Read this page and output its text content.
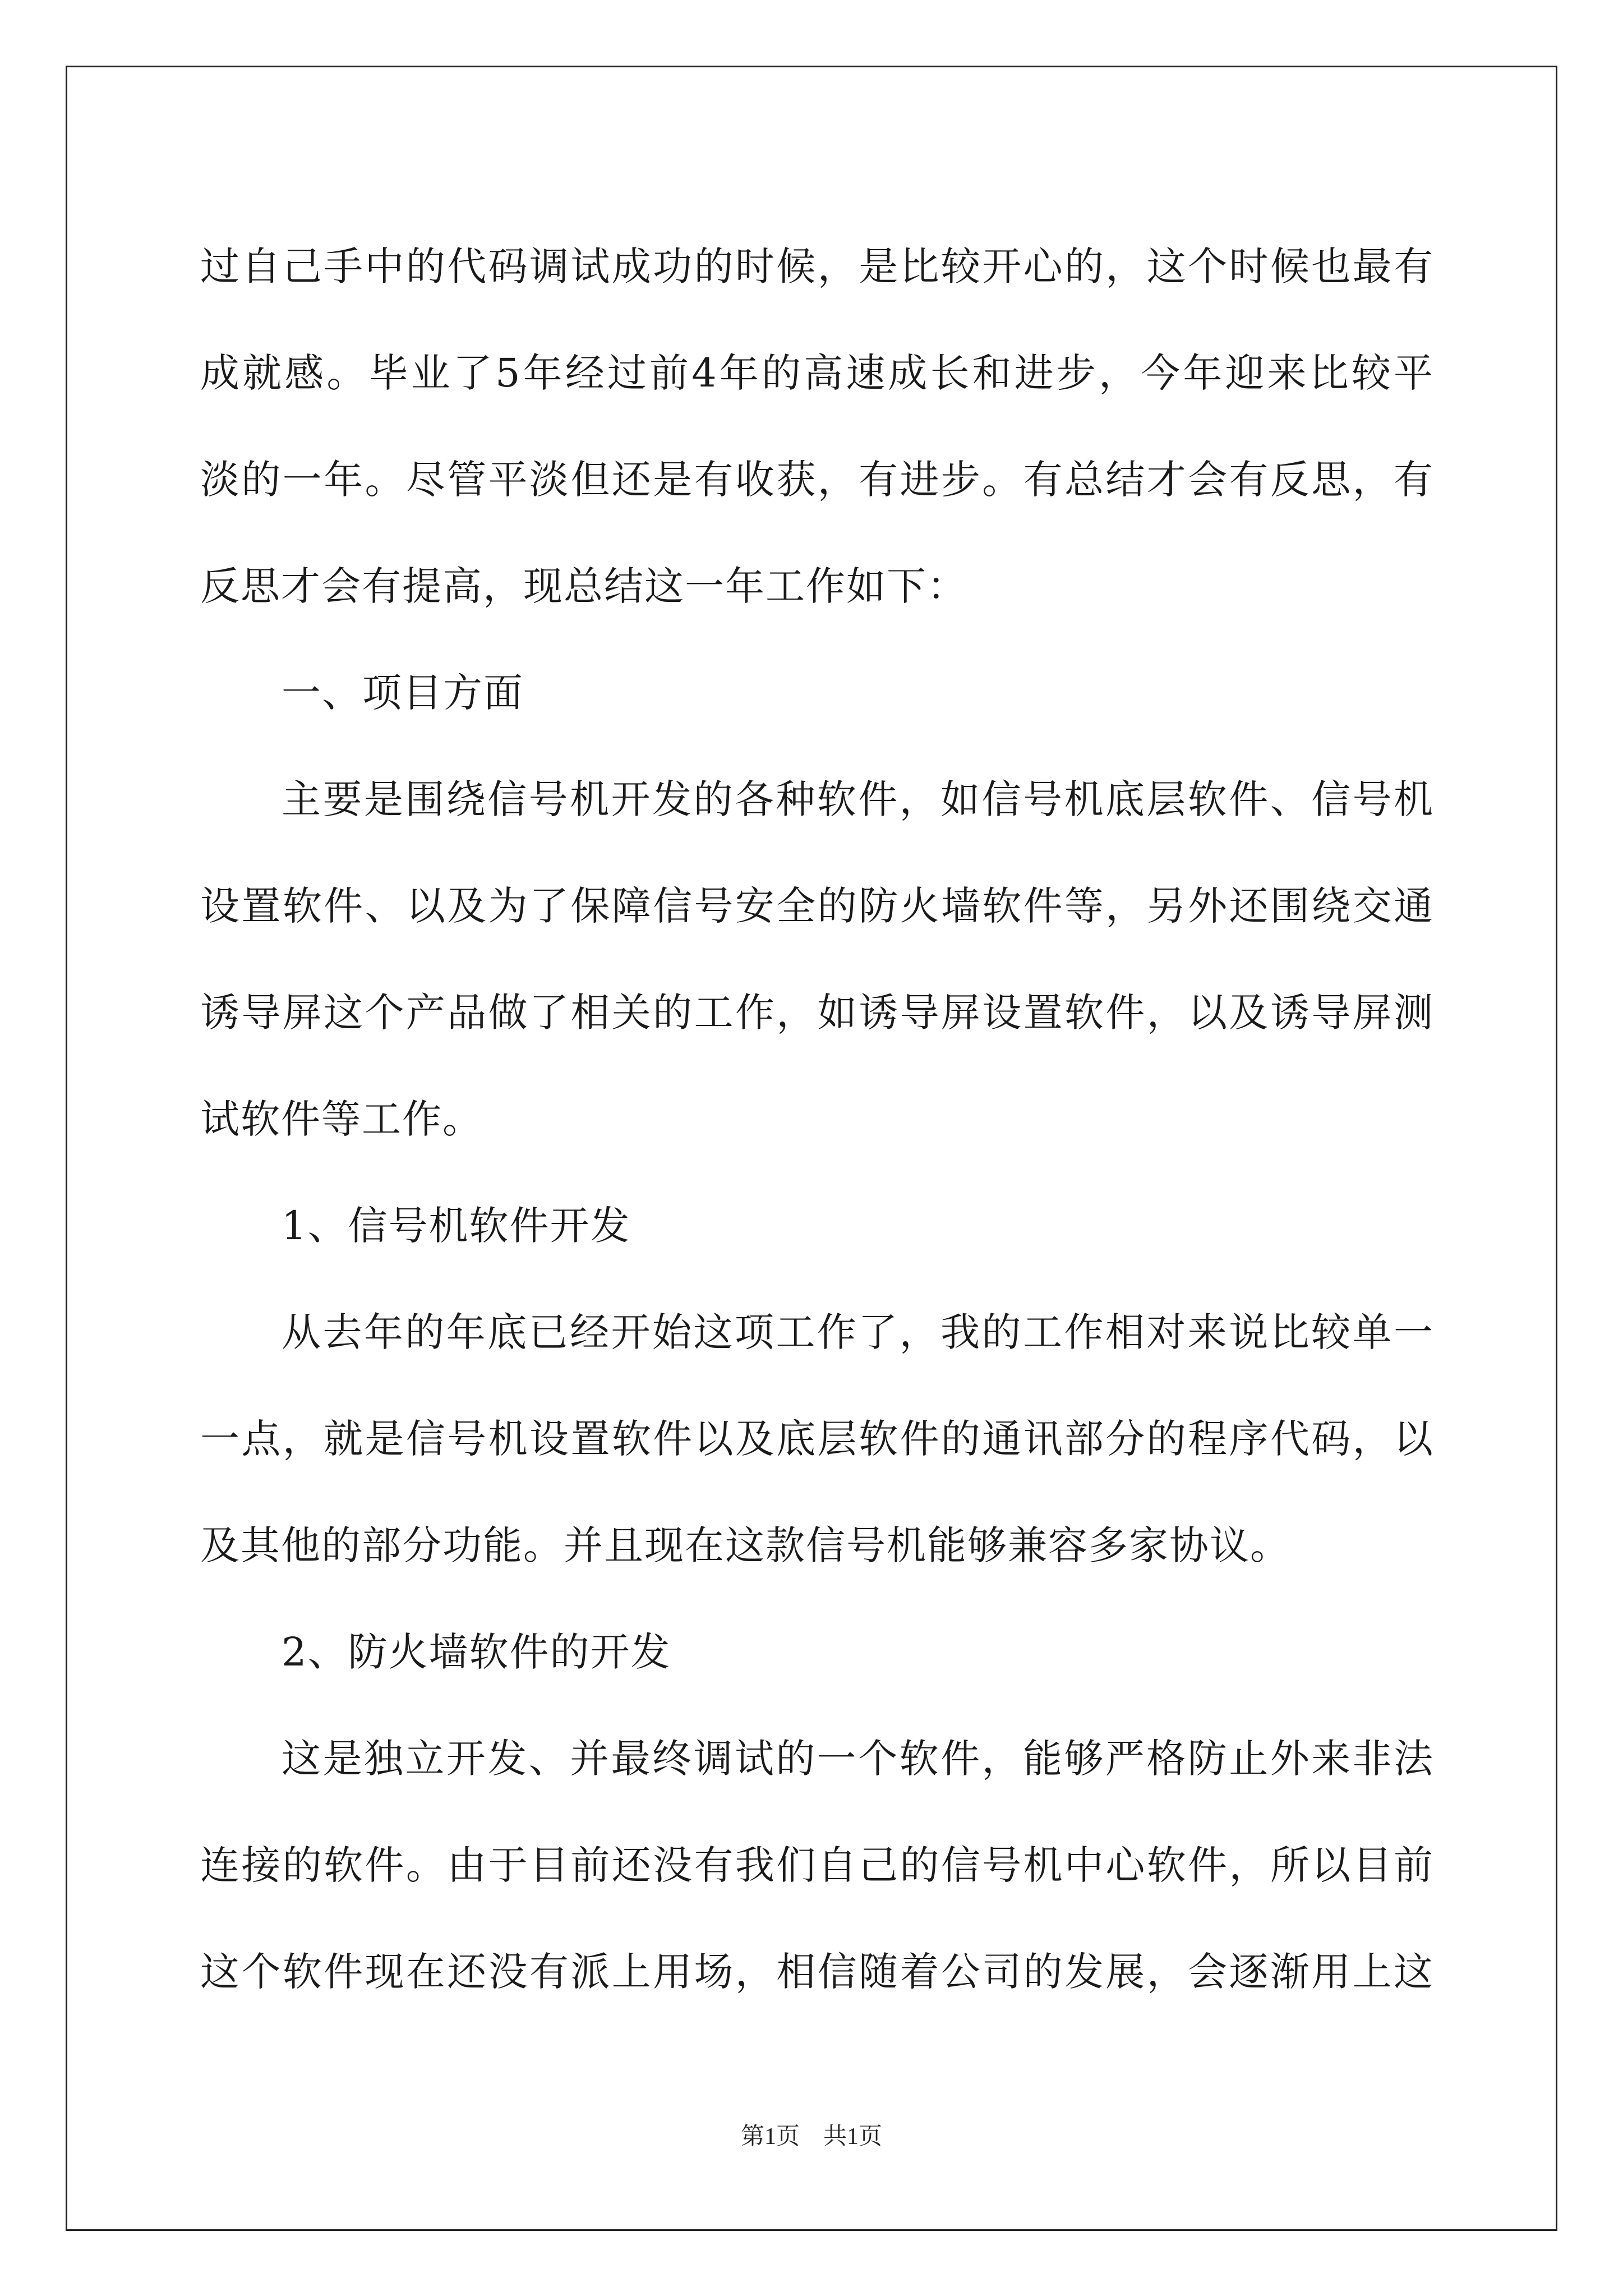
过自己手中的代码调试成功的时候，是比较开心的，这个时候也最有
成就感。毕业了5年经过前4年的高速成长和进步，今年迎来比较平
淡的一年。尽管平淡但还是有收获，有进步。有总结才会有反思，有
反思才会有提高，现总结这一年工作如下：
一、项目方面
主要是围绕信号机开发的各种软件，如信号机底层软件、信号机
设置软件、以及为了保障信号安全的防火墙软件等，另外还围绕交通
诱导屏这个产品做了相关的工作，如诱导屏设置软件，以及诱导屏测
试软件等工作。
1、信号机软件开发
从去年的年底已经开始这项工作了，我的工作相对来说比较单一
一点，就是信号机设置软件以及底层软件的通讯部分的程序代码，以
及其他的部分功能。并且现在这款信号机能够兼容多家协议。
2、防火墙软件的开发
这是独立开发、并最终调试的一个软件，能够严格防止外来非法
连接的软件。由于目前还没有我们自己的信号机中心软件，所以目前
这个软件现在还没有派上用场，相信随着公司的发展，会逐渐用上这
第1页　共1页
